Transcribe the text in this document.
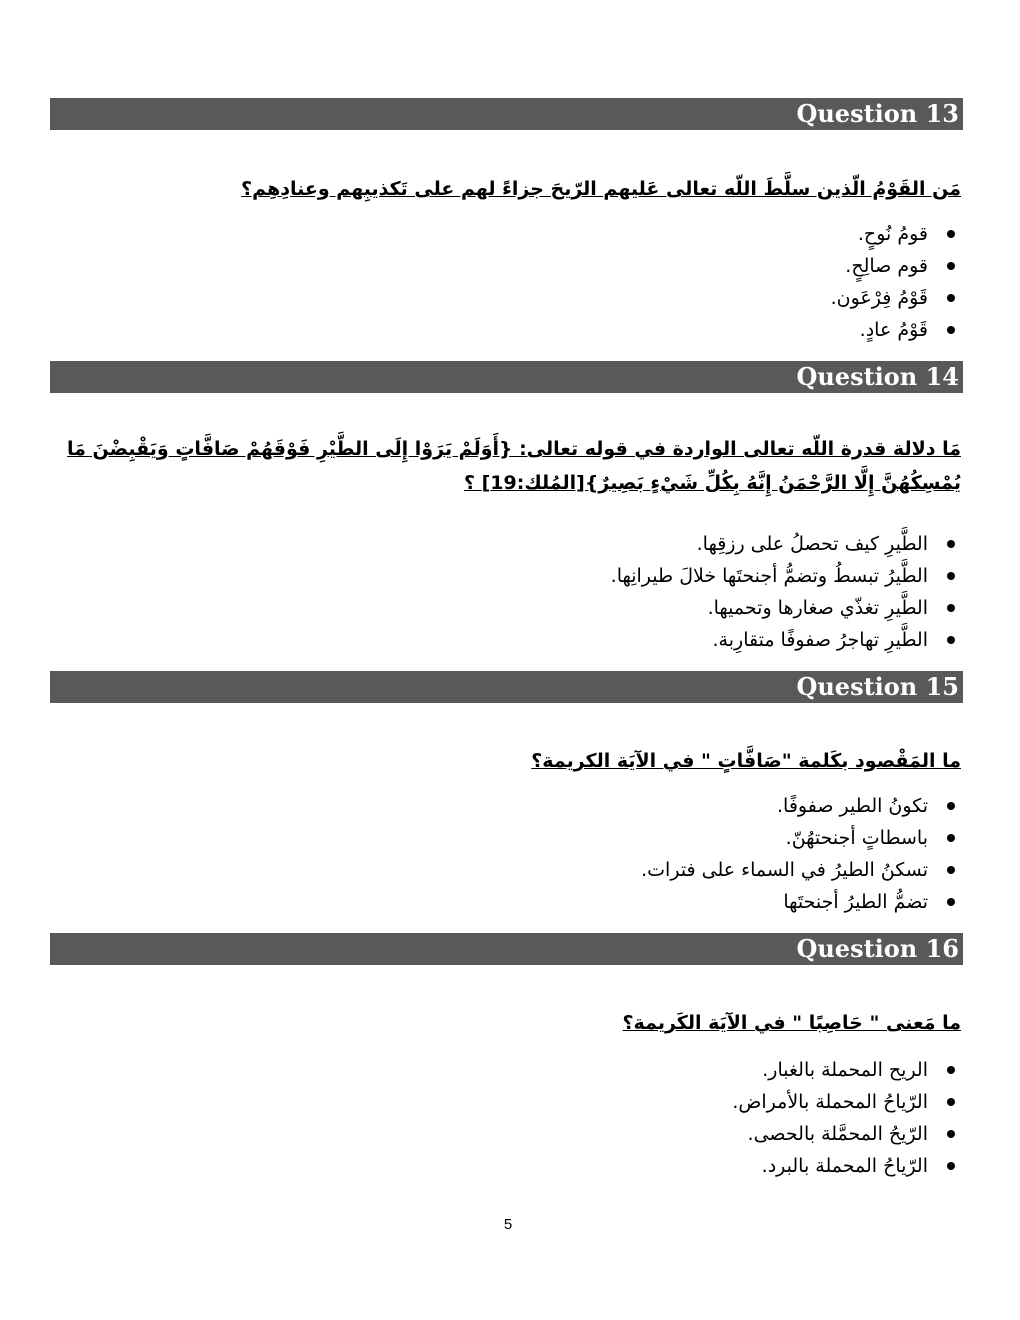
Question 13
مَن القَوْمُ الّذين سلَّطَ اللّه تعالى عَليهم الرّيحَ جزاءً لهم على تَكذيبِهم وعنادِهِم؟
قومُ نُوحٍ.
قوم صالِحٍ.
قَوْمُ فِرْعَون.
قَوْمُ عادٍ.
Question 14
مَا دلالة قدرة اللّه تعالى الواردة في قوله تعالى: {أَوَلَمْ يَرَوْا إِلَى الطَّيْرِ فَوْقَهُمْ صَافَّاتٍ وَيَقْبِضْنَ مَا يُمْسِكُهُنَّ إِلَّا الرَّحْمَنُ إِنَّهُ بِكُلِّ شَيْءٍ بَصِيرٌ}[المُلك:19] ؟
الطَّيرِ كيف تحصلُ على رزقِها.
الطَّيرُ تبسطُ وتضمُّ أجنحتَها خلالَ طيرانِها.
الطَّيرِ تغذّي صغارها وتحميها.
الطَّيرِ تهاجرُ صفوفًا متقارِبة.
Question 15
ما المَقْصود بكَلمة "صَافَّاتٍ " في الآيَة الكريمة؟
تكونُ الطير صفوفًا.
باسطاتٍ أجنحتهُنّ.
تسكنُ الطيرُ في السماء على فترات.
تضمُّ الطيرُ أجنحتَها
Question 16
ما مَعنى " حَاصِبًا " في الآيَة الكَريمة؟
الريح المحملة بالغبار.
الرّياحُ المحملة بالأمراض.
الرّيحُ المحمَّلة بالحصى.
الرّياحُ المحملة بالبرد.
5
